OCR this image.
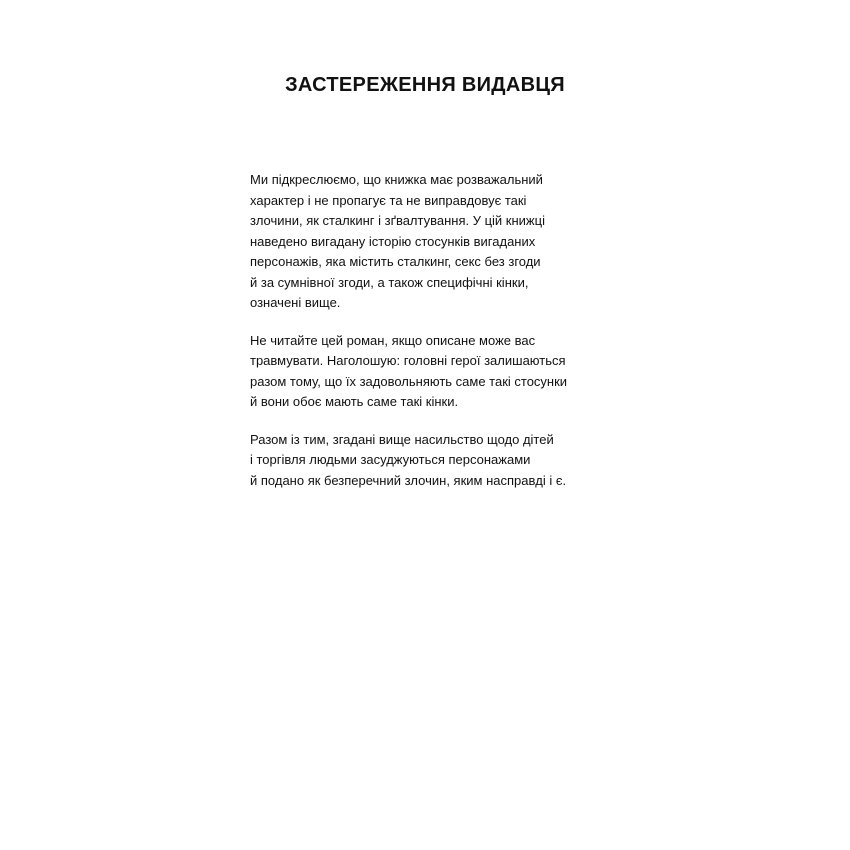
ЗАСТЕРЕЖЕННЯ ВИДАВЦЯ

Ми підкреслюємо, що книжка має розважальний
характер і не пропагує та не виправдовує такі
злочини, як сталкинг і зґвалтування. У цій книжці
наведено вигадану історію стосунків вигаданих
персонажів, яка містить сталкинг, секс без згоди
й за сумнівної згоди, а також специфічні кінки,
означені вище.

Не читайте цей роман, якщо описане може вас
травмувати. Наголошую: головні герої залишаються
разом тому, що їх задовольняють саме такі стосунки
й вони обоє мають саме такі кінки.

Разом із тим, згадані вище насильство щодо дітей
і торгівля людьми засуджуються персонажами
й подано як безперечний злочин, яким насправді і є.
